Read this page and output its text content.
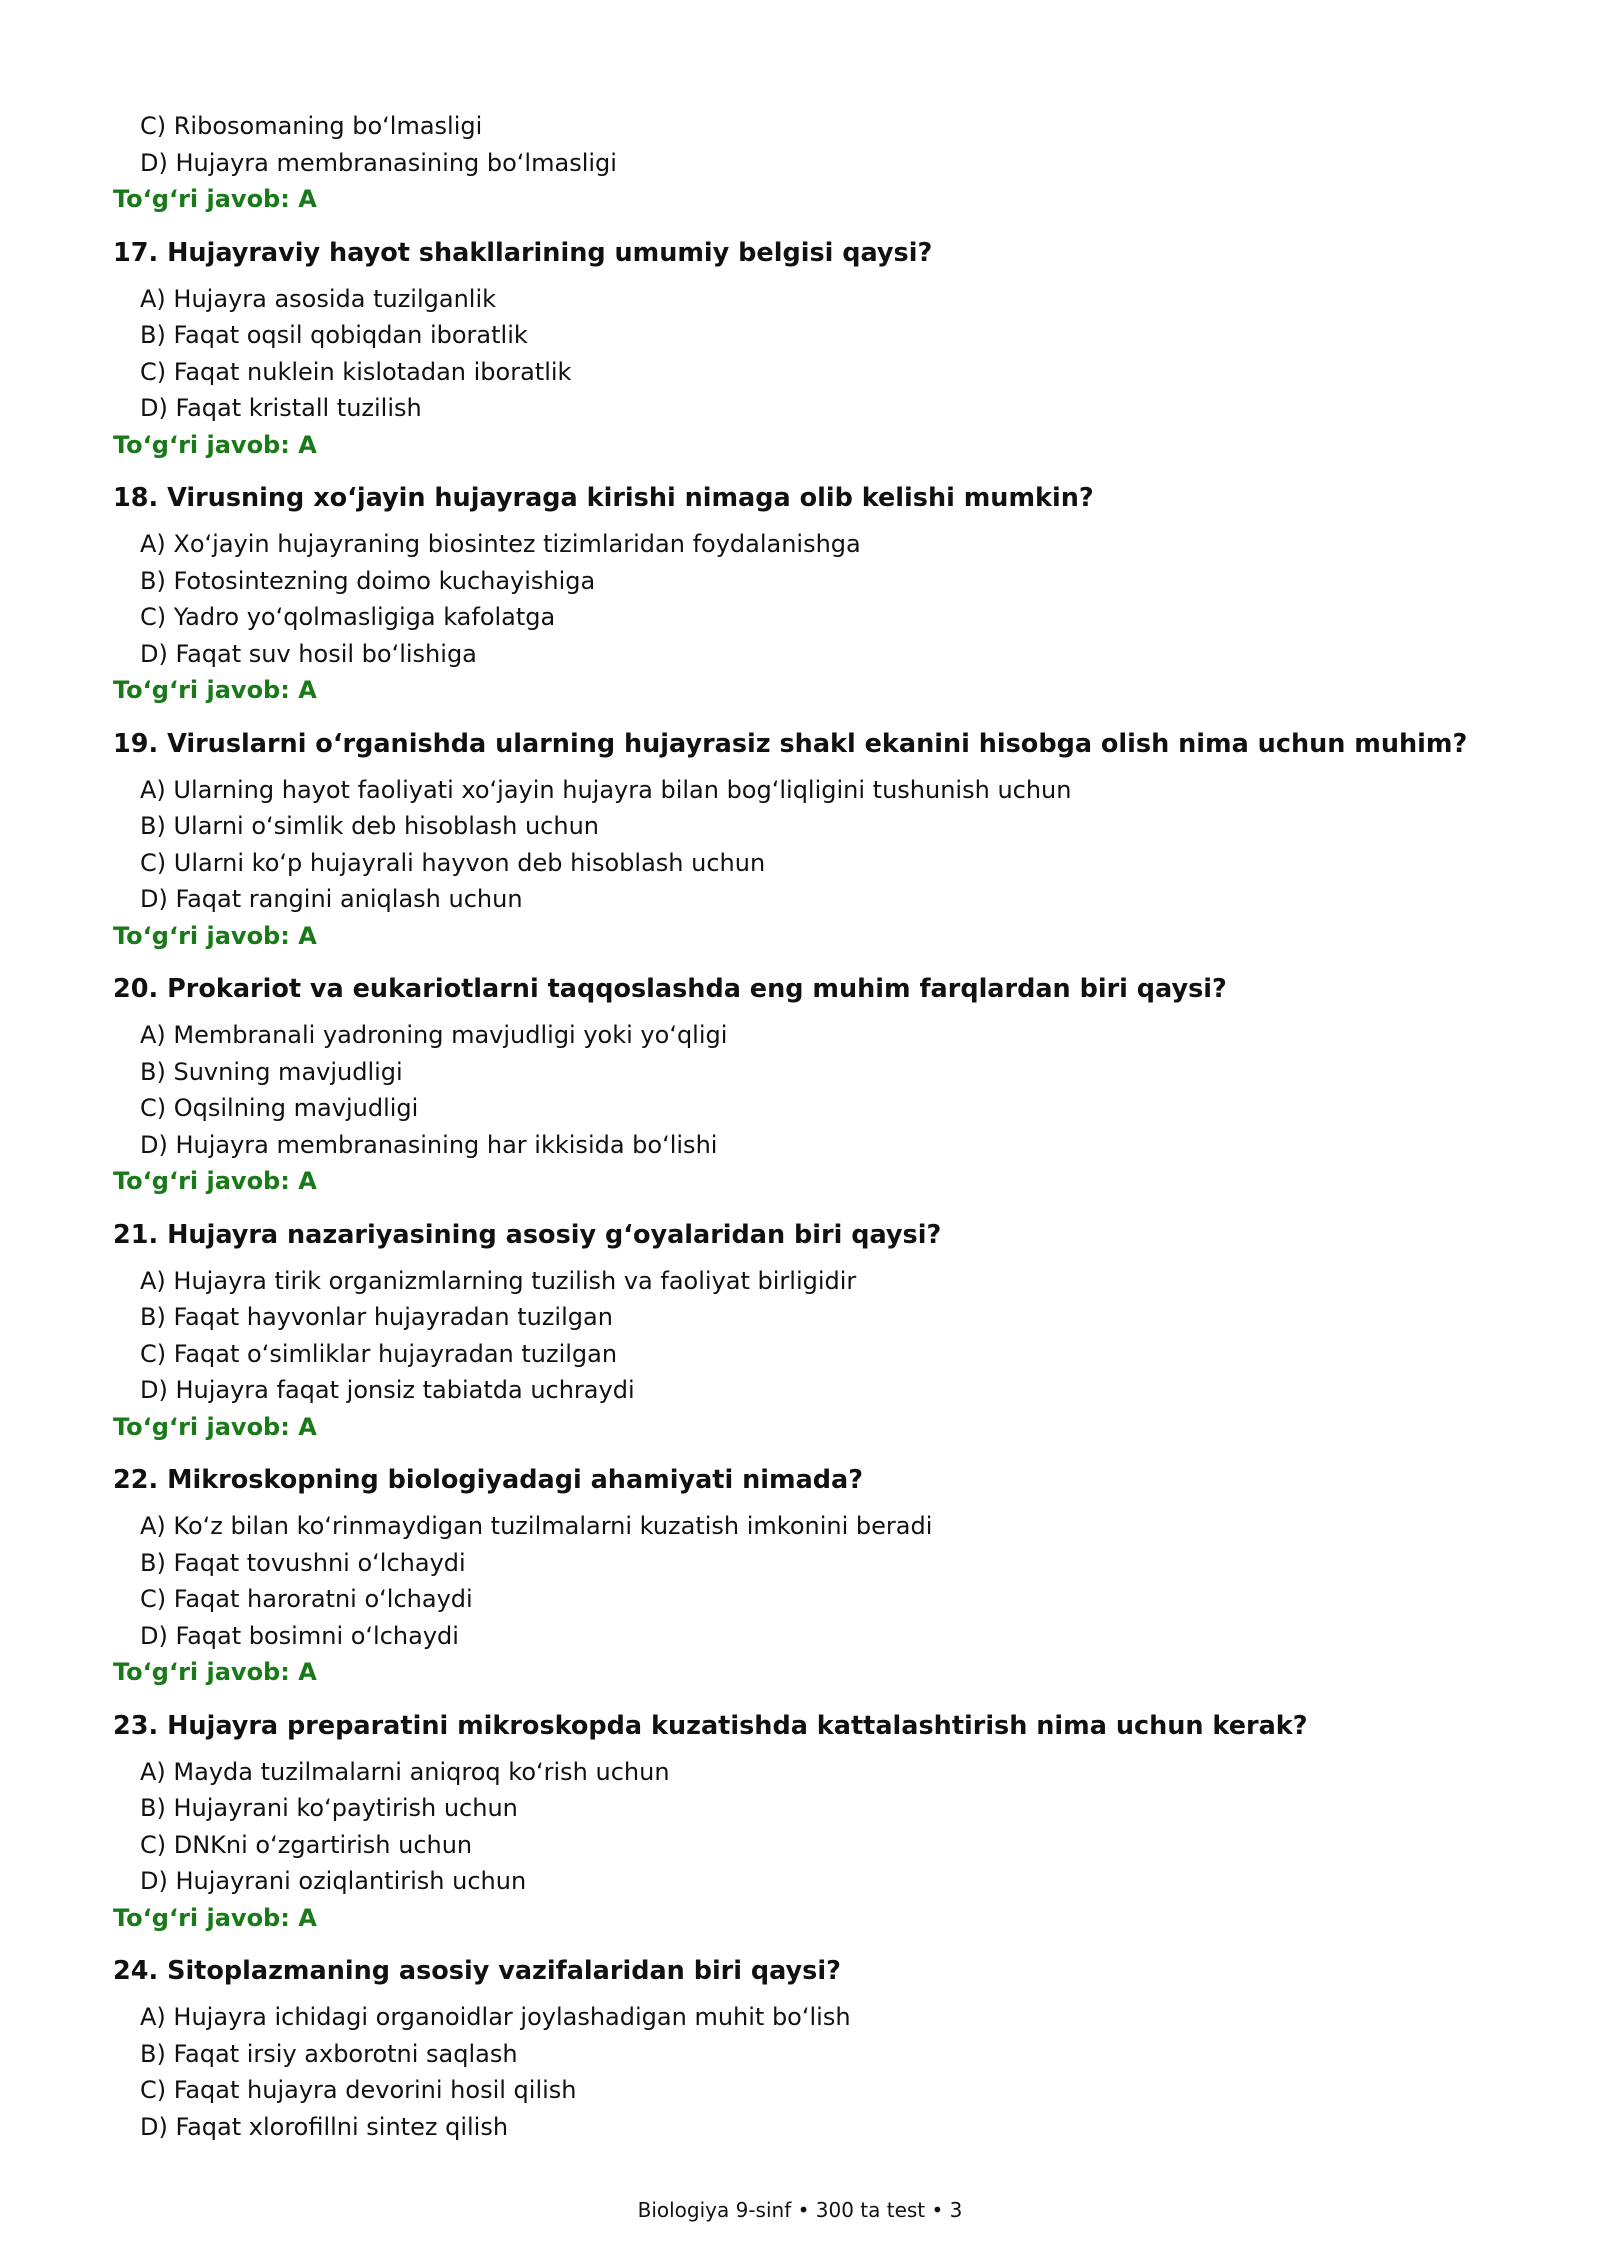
C) Ribosomaning bo‘lmasligi
D) Hujayra membranasining bo‘lmasligi
To‘g‘ri javob: A
17 . Hujayraviy hayot shakllarining umumiy belgisi qaysi?
A) Hujayra asosida tuzilganlik
B) Faqat oqsil qobiqdan iboratlik
C) Faqat nuklein kislotadan iboratlik
D) Faqat kristall tuzilish
To‘g‘ri javob: A
18 . Virusning xo‘jayin hujayraga kirishi nimaga olib kelishi mumkin?
A) Xo‘jayin hujayraning biosintez tizimlaridan foydalanishga
B) Fotosintezning doimo kuchayishiga
C) Yadro yo‘qolmasligiga kafolatga
D) Faqat suv hosil bo‘lishiga
To‘g‘ri javob: A
19 . Viruslarni o‘rganishda ularning hujayrasiz shakl ekanini hisobga olish nima uchun muhim?
A) Ularning hayot faoliyati xo‘jayin hujayra bilan bog‘liqligini tushunish uchun
B) Ularni o‘simlik deb hisoblash uchun
C) Ularni ko‘p hujayrali hayvon deb hisoblash uchun
D) Faqat rangini aniqlash uchun
To‘g‘ri javob: A
20 . Prokariot va eukariotlarni taqqoslashda eng muhim farqlardan biri qaysi?
A) Membranali yadroning mavjudligi yoki yo‘qligi
B) Suvning mavjudligi
C) Oqsilning mavjudligi
D) Hujayra membranasining har ikkisida bo‘lishi
To‘g‘ri javob: A
21 . Hujayra nazariyasining asosiy g‘oyalaridan biri qaysi?
A) Hujayra tirik organizmlarning tuzilish va faoliyat birligidir
B) Faqat hayvonlar hujayradan tuzilgan
C) Faqat o‘simliklar hujayradan tuzilgan
D) Hujayra faqat jonsiz tabiatda uchraydi
To‘g‘ri javob: A
22 . Mikroskopning biologiyadagi ahamiyati nimada?
A) Ko‘z bilan ko‘rinmaydigan tuzilmalarni kuzatish imkonini beradi
B) Faqat tovushni o‘lchaydi
C) Faqat haroratni o‘lchaydi
D) Faqat bosimni o‘lchaydi
To‘g‘ri javob: A
23 . Hujayra preparatini mikroskopda kuzatishda kattalashtirish nima uchun kerak?
A) Mayda tuzilmalarni aniqroq ko‘rish uchun
B) Hujayrani ko‘paytirish uchun
C) DNKni o‘zgartirish uchun
D) Hujayrani oziqlantirish uchun
To‘g‘ri javob: A
24 . Sitoplazmaning asosiy vazifalaridan biri qaysi?
A) Hujayra ichidagi organoidlar joylashadigan muhit bo‘lish
B) Faqat irsiy axborotni saqlash
C) Faqat hujayra devorini hosil qilish
D) Faqat xlorofillni sintez qilish
Biologiya 9-sinf • 300 ta test • 3
